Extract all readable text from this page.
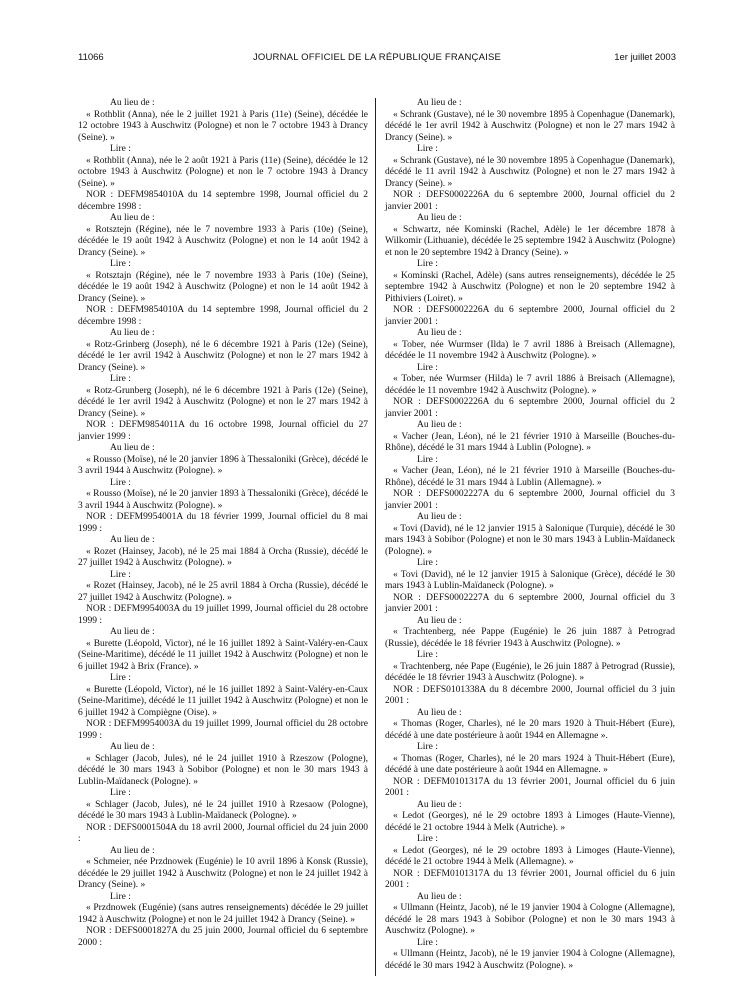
11066	JOURNAL OFFICIEL DE LA RÉPUBLIQUE FRANÇAISE	1er juillet 2003

Au lieu de :

« Rothblit (Anna), née le 2 juillet 1921 à Paris (11e) (Seine), décédée le 12 octobre 1943 à Auschwitz (Pologne) et non le 7 octobre 1943 à Drancy (Seine). »

Lire :

« Rothblit (Anna), née le 2 août 1921 à Paris (11e) (Seine), décédée le 12 octobre 1943 à Auschwitz (Pologne) et non le 7 octobre 1943 à Drancy (Seine). »

NOR : DEFM9854010A du 14 septembre 1998, Journal officiel du 2 décembre 1998 :

Au lieu de :

« Rotsztejn (Régine), née le 7 novembre 1933 à Paris (10e) (Seine), décédée le 19 août 1942 à Auschwitz (Pologne) et non le 14 août 1942 à Drancy (Seine). »

Lire :

« Rotsztajn (Régine), née le 7 novembre 1933 à Paris (10e) (Seine), décédée le 19 août 1942 à Auschwitz (Pologne) et non le 14 août 1942 à Drancy (Seine). »

NOR : DEFM9854010A du 14 septembre 1998, Journal officiel du 2 décembre 1998 :

Au lieu de :

« Rotz-Grinberg (Joseph), né le 6 décembre 1921 à Paris (12e) (Seine), décédé le 1er avril 1942 à Auschwitz (Pologne) et non le 27 mars 1942 à Drancy (Seine). »

Lire :

« Rotz-Grunberg (Joseph), né le 6 décembre 1921 à Paris (12e) (Seine), décédé le 1er avril 1942 à Auschwitz (Pologne) et non le 27 mars 1942 à Drancy (Seine). »

NOR : DEFM9854011A du 16 octobre 1998, Journal officiel du 27 janvier 1999 :

Au lieu de :

« Rousso (Moïse), né le 20 janvier 1896 à Thessaloniki (Grèce), décédé le 3 avril 1944 à Auschwitz (Pologne). »

Lire :

« Rousso (Moïse), né le 20 janvier 1893 à Thessaloniki (Grèce), décédé le 3 avril 1944 à Auschwitz (Pologne). »

NOR : DEFM9954001A du 18 février 1999, Journal officiel du 8 mai 1999 :

Au lieu de :

« Rozet (Hainsey, Jacob), né le 25 mai 1884 à Orcha (Russie), décédé le 27 juillet 1942 à Auschwitz (Pologne). »

Lire :

« Rozet (Hainsey, Jacob), né le 25 avril 1884 à Orcha (Russie), décédé le 27 juillet 1942 à Auschwitz (Pologne). »

NOR : DEFM9954003A du 19 juillet 1999, Journal officiel du 28 octobre 1999 :

Au lieu de :

« Burette (Léopold, Victor), né le 16 juillet 1892 à Saint-Valéry-en-Caux (Seine-Maritime), décédé le 11 juillet 1942 à Auschwitz (Pologne) et non le 6 juillet 1942 à Brix (France). »

Lire :

« Burette (Léopold, Victor), né le 16 juillet 1892 à Saint-Valéry-en-Caux (Seine-Maritime), décédé le 11 juillet 1942 à Auschwitz (Pologne) et non le 6 juillet 1942 à Compiègne (Oise). »

NOR : DEFM9954003A du 19 juillet 1999, Journal officiel du 28 octobre 1999 :

Au lieu de :

« Schlager (Jacob, Jules), né le 24 juillet 1910 à Rzeszow (Pologne), décédé le 30 mars 1943 à Sobibor (Pologne) et non le 30 mars 1943 à Lublin-Maïdaneck (Pologne). »

Lire :

« Schlager (Jacob, Jules), né le 24 juillet 1910 à Rzesaow (Pologne), décédé le 30 mars 1943 à Lublin-Maïdaneck (Pologne). »

NOR : DEFS0001504A du 18 avril 2000, Journal officiel du 24 juin 2000 :

Au lieu de :

« Schmeier, née Przdnowek (Eugénie) le 10 avril 1896 à Konsk (Russie), décédée le 29 juillet 1942 à Auschwitz (Pologne) et non le 24 juillet 1942 à Drancy (Seine). »

Lire :

« Przdnowek (Eugénie) (sans autres renseignements) décédée le 29 juillet 1942 à Auschwitz (Pologne) et non le 24 juillet 1942 à Drancy (Seine). »

NOR : DEFS0001827A du 25 juin 2000, Journal officiel du 6 septembre 2000 :

Au lieu de :

« Schrank (Gustave), né le 30 novembre 1895 à Copenhague (Danemark), décédé le 1er avril 1942 à Auschwitz (Pologne) et non le 27 mars 1942 à Drancy (Seine). »

Lire :

« Schrank (Gustave), né le 30 novembre 1895 à Copenhague (Danemark), décédé le 11 avril 1942 à Auschwitz (Pologne) et non le 27 mars 1942 à Drancy (Seine). »

NOR : DEFS0002226A du 6 septembre 2000, Journal officiel du 2 janvier 2001 :

Au lieu de :

« Schwartz, née Kominski (Rachel, Adèle) le 1er décembre 1878 à Wilkomir (Lithuanie), décédée le 25 septembre 1942 à Auschwitz (Pologne) et non le 20 septembre 1942 à Drancy (Seine). »

Lire :

« Kominski (Rachel, Adèle) (sans autres renseignements), décédée le 25 septembre 1942 à Auschwitz (Pologne) et non le 20 septembre 1942 à Pithiviers (Loiret). »

NOR : DEFS0002226A du 6 septembre 2000, Journal officiel du 2 janvier 2001 :

Au lieu de :

« Tober, née Wurmser (Ilda) le 7 avril 1886 à Breisach (Allemagne), décédée le 11 novembre 1942 à Auschwitz (Pologne). »

Lire :

« Tober, née Wurmser (Hilda) le 7 avril 1886 à Breisach (Allemagne), décédée le 11 novembre 1942 à Auschwitz (Pologne). »

NOR : DEFS0002226A du 6 septembre 2000, Journal officiel du 2 janvier 2001 :

Au lieu de :

« Vacher (Jean, Léon), né le 21 février 1910 à Marseille (Bouches-du-Rhône), décédé le 31 mars 1944 à Lublin (Pologne). »

Lire :

« Vacher (Jean, Léon), né le 21 février 1910 à Marseille (Bouches-du-Rhône), décédé le 31 mars 1944 à Lublin (Allemagne). »

NOR : DEFS0002227A du 6 septembre 2000, Journal officiel du 3 janvier 2001 :

Au lieu de :

« Tovi (David), né le 12 janvier 1915 à Salonique (Turquie), décédé le 30 mars 1943 à Sobibor (Pologne) et non le 30 mars 1943 à Lublin-Maïdaneck (Pologne). »

Lire :

« Tovi (David), né le 12 janvier 1915 à Salonique (Grèce), décédé le 30 mars 1943 à Lublin-Maïdaneck (Pologne). »

NOR : DEFS0002227A du 6 septembre 2000, Journal officiel du 3 janvier 2001 :

Au lieu de :

« Trachtenberg, née Pappe (Eugénie) le 26 juin 1887 à Petrograd (Russie), décédée le 18 février 1943 à Auschwitz (Pologne). »

Lire :

« Trachtenberg, née Pape (Eugénie), le 26 juin 1887 à Petrograd (Russie), décédée le 18 février 1943 à Auschwitz (Pologne). »

NOR : DEFS0101338A du 8 décembre 2000, Journal officiel du 3 juin 2001 :

Au lieu de :

« Thomas (Roger, Charles), né le 20 mars 1920 à Thuit-Hébert (Eure), décédé à une date postérieure à août 1944 en Allemagne ».

Lire :

« Thomas (Roger, Charles), né le 20 mars 1924 à Thuit-Hébert (Eure), décédé à une date postérieure à août 1944 en Allemagne. »

NOR : DEFM0101317A du 13 février 2001, Journal officiel du 6 juin 2001 :

Au lieu de :

« Ledot (Georges), né le 29 octobre 1893 à Limoges (Haute-Vienne), décédé le 21 octobre 1944 à Melk (Autriche). »

Lire :

« Ledot (Georges), né le 29 octobre 1893 à Limoges (Haute-Vienne), décédé le 21 octobre 1944 à Melk (Allemagne). »

NOR : DEFM0101317A du 13 février 2001, Journal officiel du 6 juin 2001 :

Au lieu de :

« Ullmann (Heintz, Jacob), né le 19 janvier 1904 à Cologne (Allemagne), décédé le 28 mars 1943 à Sobibor (Pologne) et non le 30 mars 1943 à Auschwitz (Pologne). »

Lire :

« Ullmann (Heintz, Jacob), né le 19 janvier 1904 à Cologne (Allemagne), décédé le 30 mars 1942 à Auschwitz (Pologne). »
